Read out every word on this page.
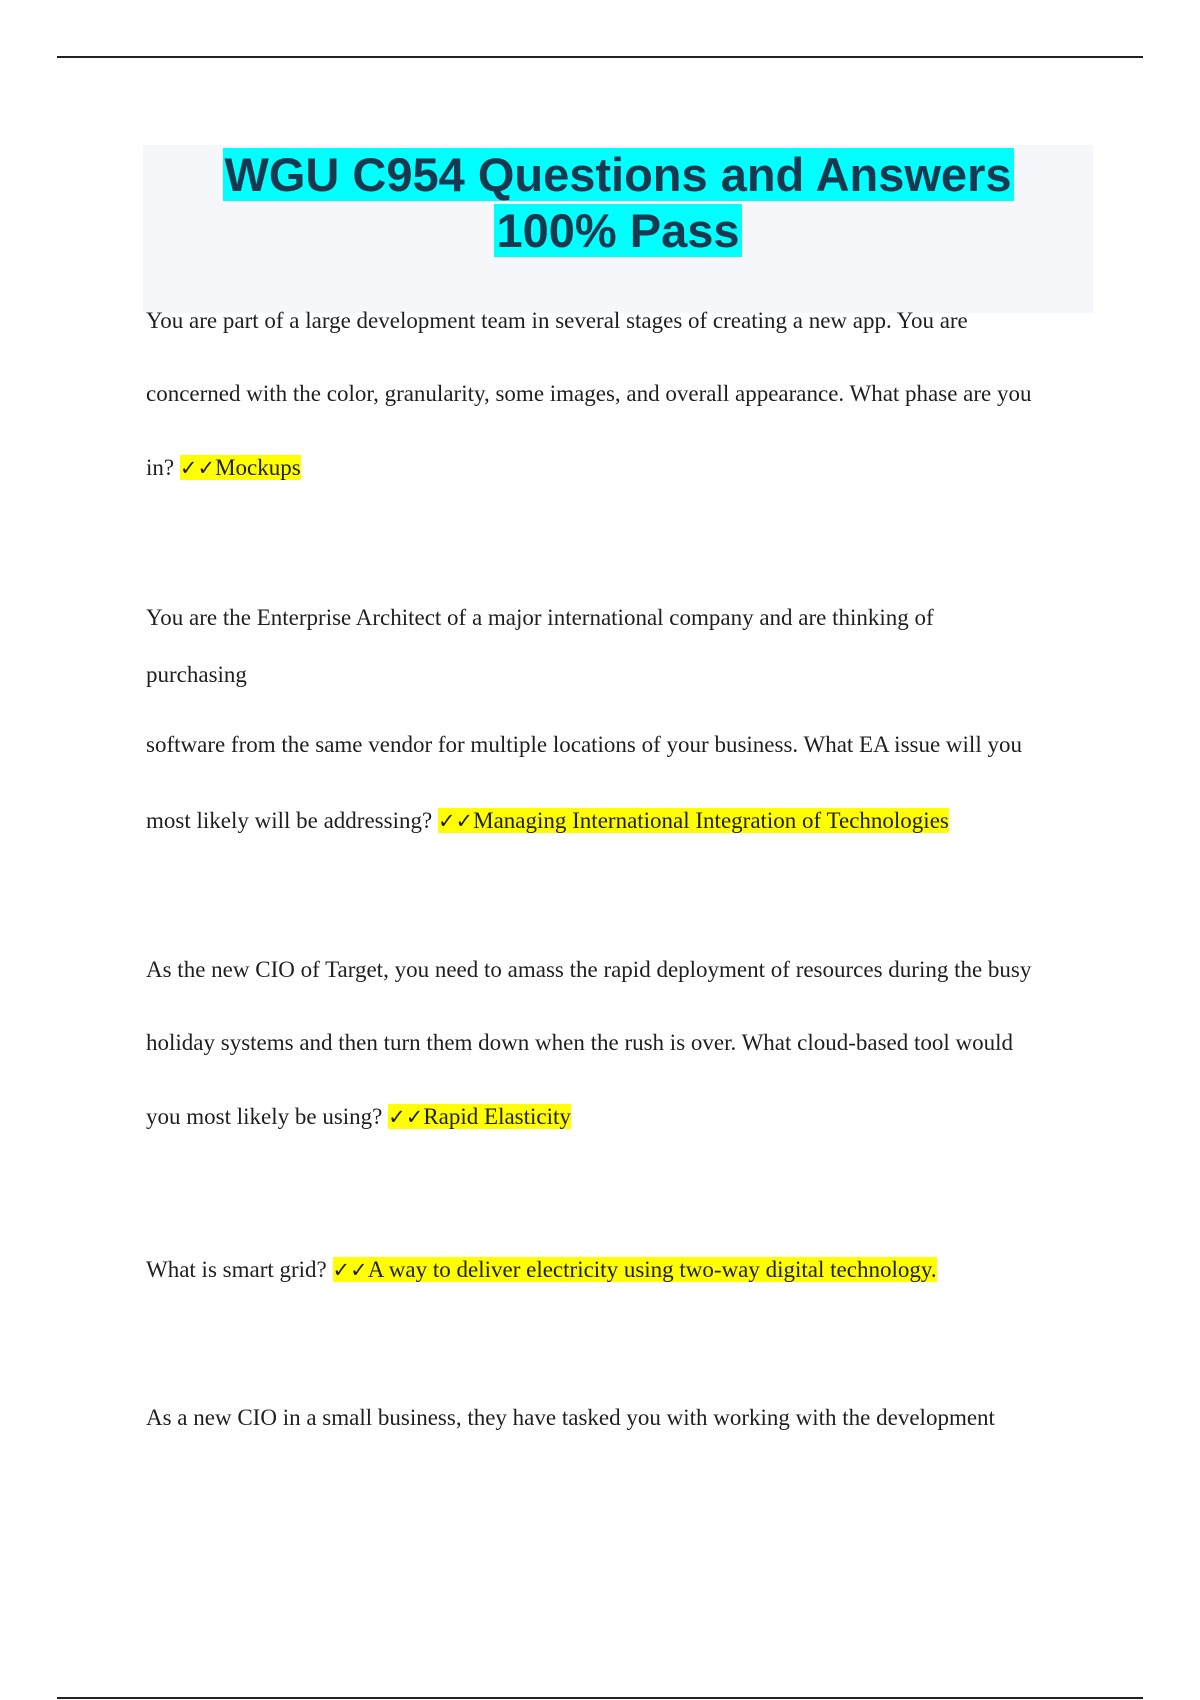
WGU C954 Questions and Answers
100% Pass
You are part of a large development team in several stages of creating a new app. You are
concerned with the color, granularity, some images, and overall appearance. What phase are you
in? ✓✓Mockups
You are the Enterprise Architect of a major international company and are thinking of
purchasing
software from the same vendor for multiple locations of your business. What EA issue will you
most likely will be addressing? ✓✓Managing International Integration of Technologies
As the new CIO of Target, you need to amass the rapid deployment of resources during the busy
holiday systems and then turn them down when the rush is over. What cloud-based tool would
you most likely be using? ✓✓Rapid Elasticity
What is smart grid? ✓✓A way to deliver electricity using two-way digital technology.
As a new CIO in a small business, they have tasked you with working with the development
